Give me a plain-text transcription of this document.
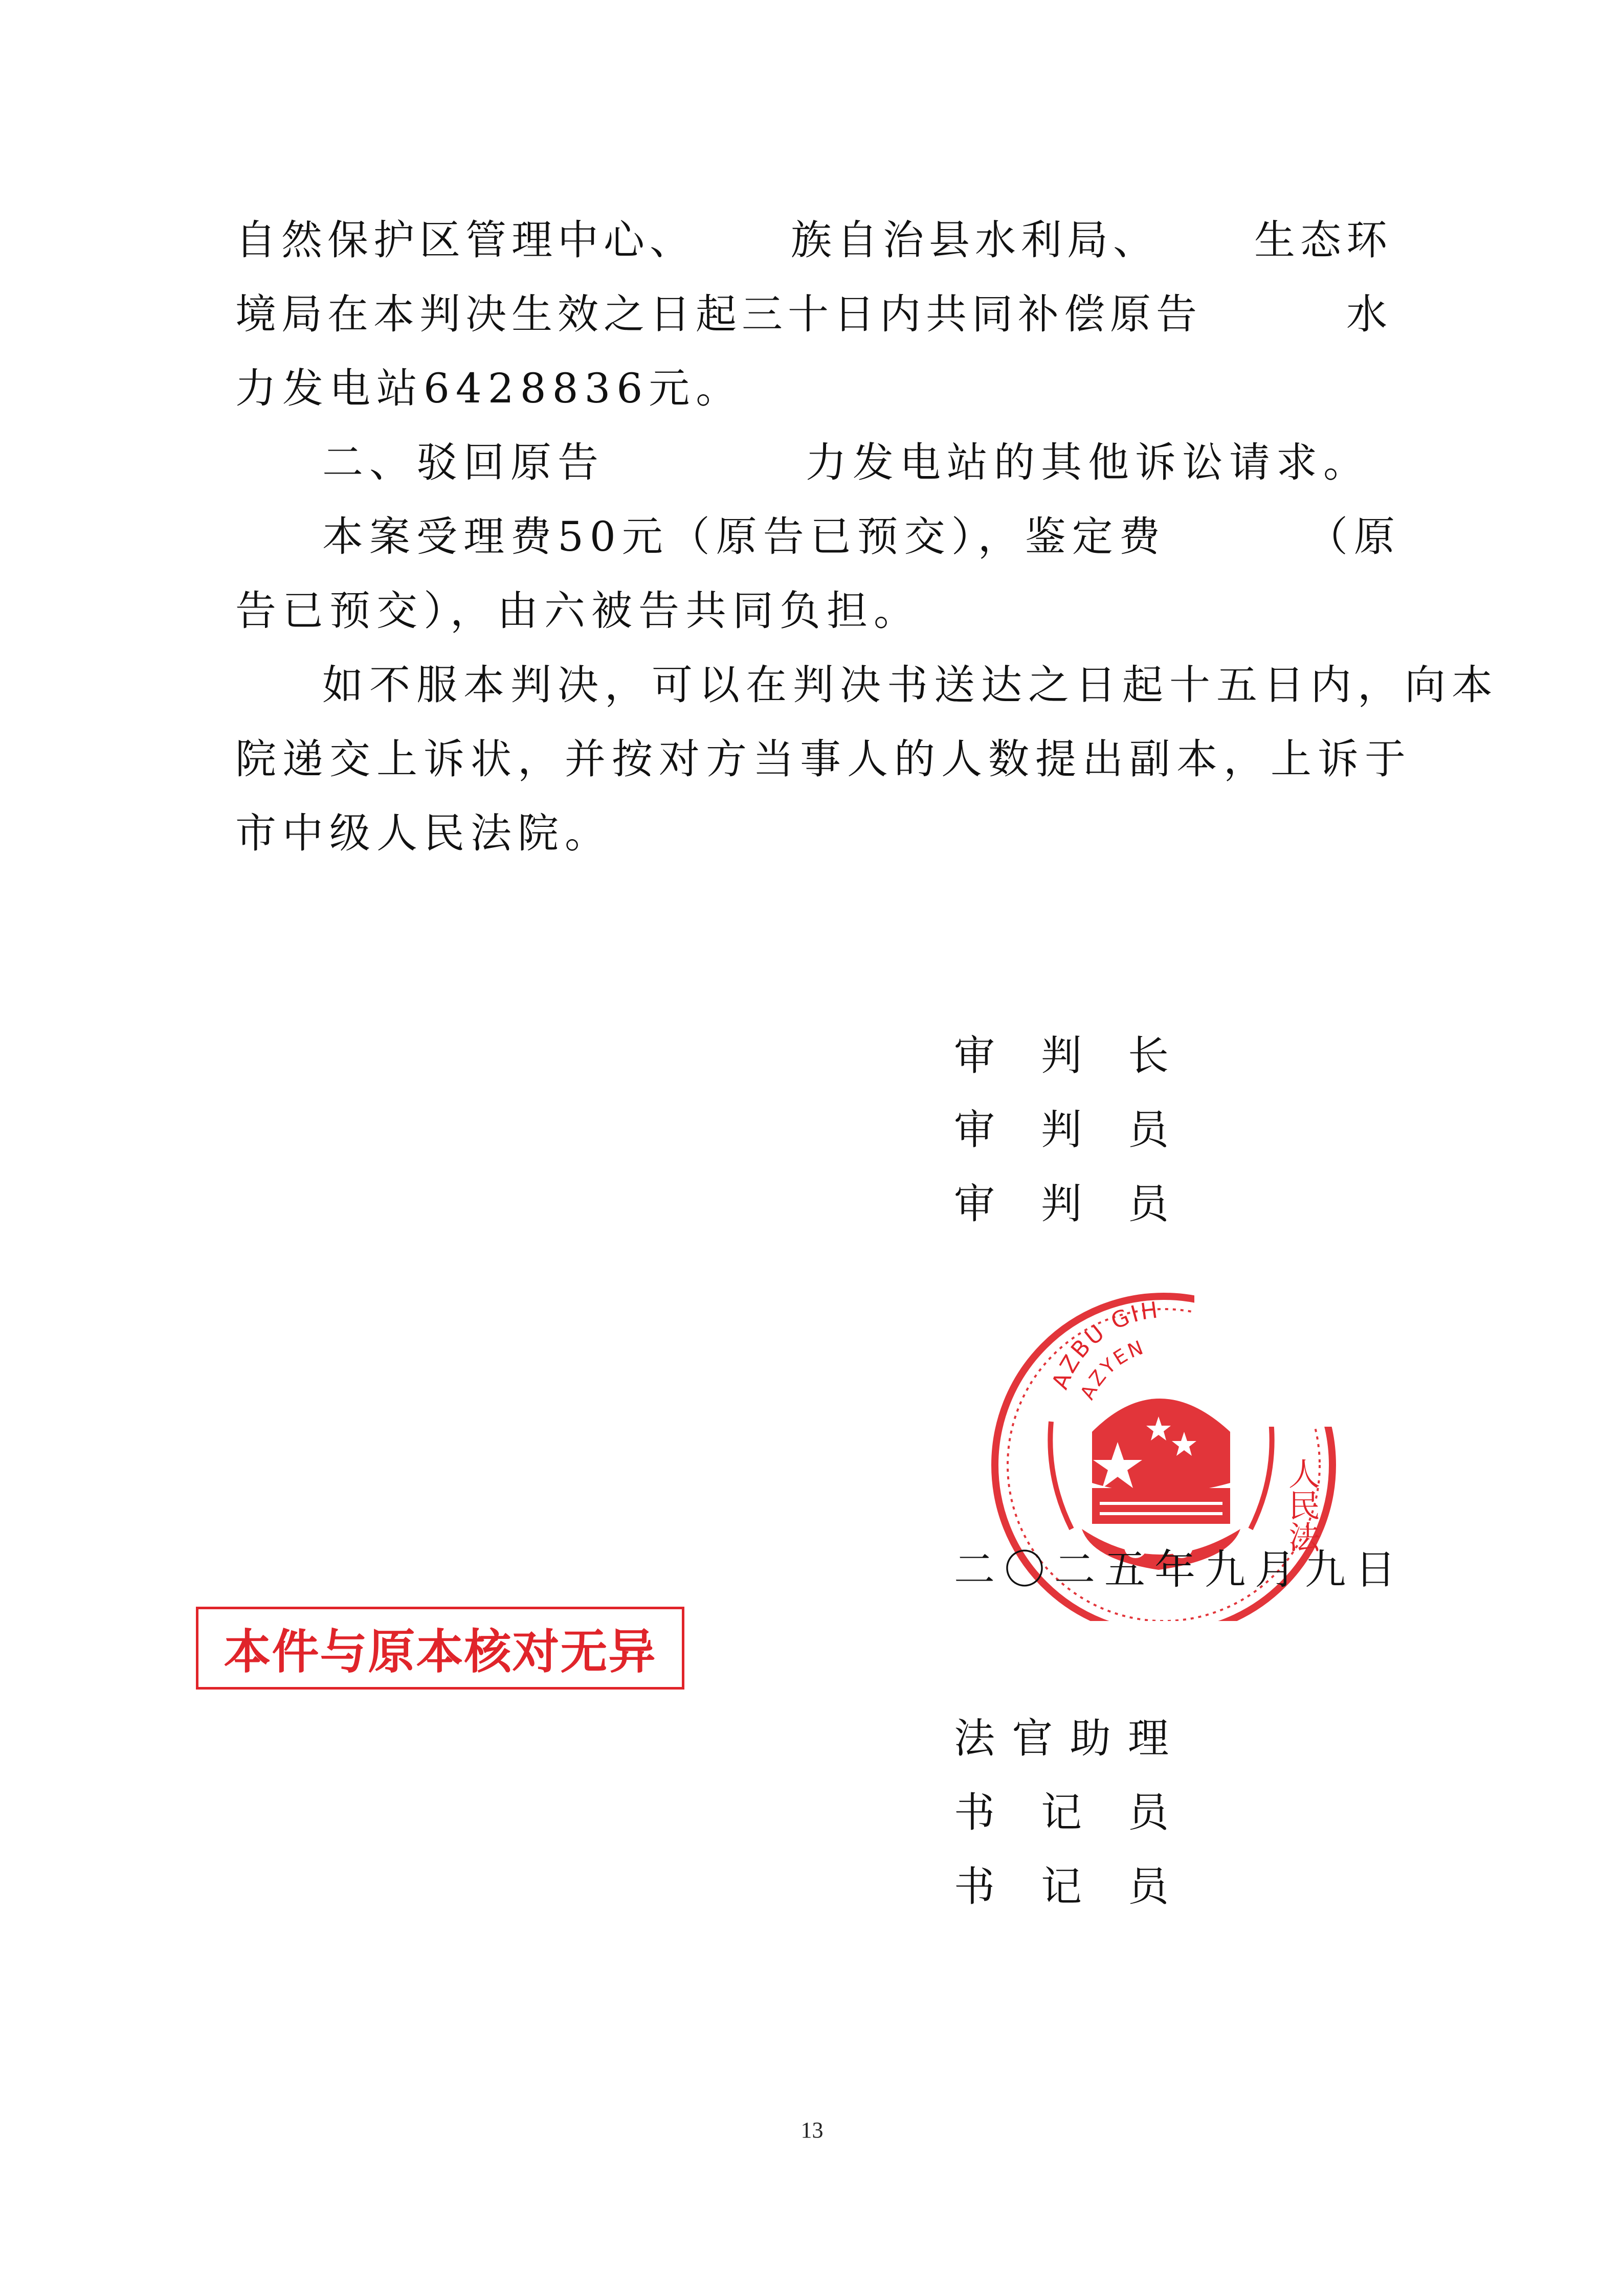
自然保护区管理中心、 族自治县水利局、 生态环

境局在本判决生效之日起三十日内共同补偿原告	水

力发电站6428836元。

二、驳回原告	力发电站的其他诉讼请求。

本案受理费50元（原告已预交），鉴定费	（原

告已预交），由六被告共同负担。

如不服本判决，可以在判决书送达之日起十五日内，向本

院递交上诉状，并按对方当事人的人数提出副本，上诉于

市中级人民法院。

审 判 长
审 判 员
审 判 员
AZBU GIH
AZYEN
人民法
二〇二五年九月九日
本件与原本核对无异
法 官 助 理
书 记 员
书 记 员
13
